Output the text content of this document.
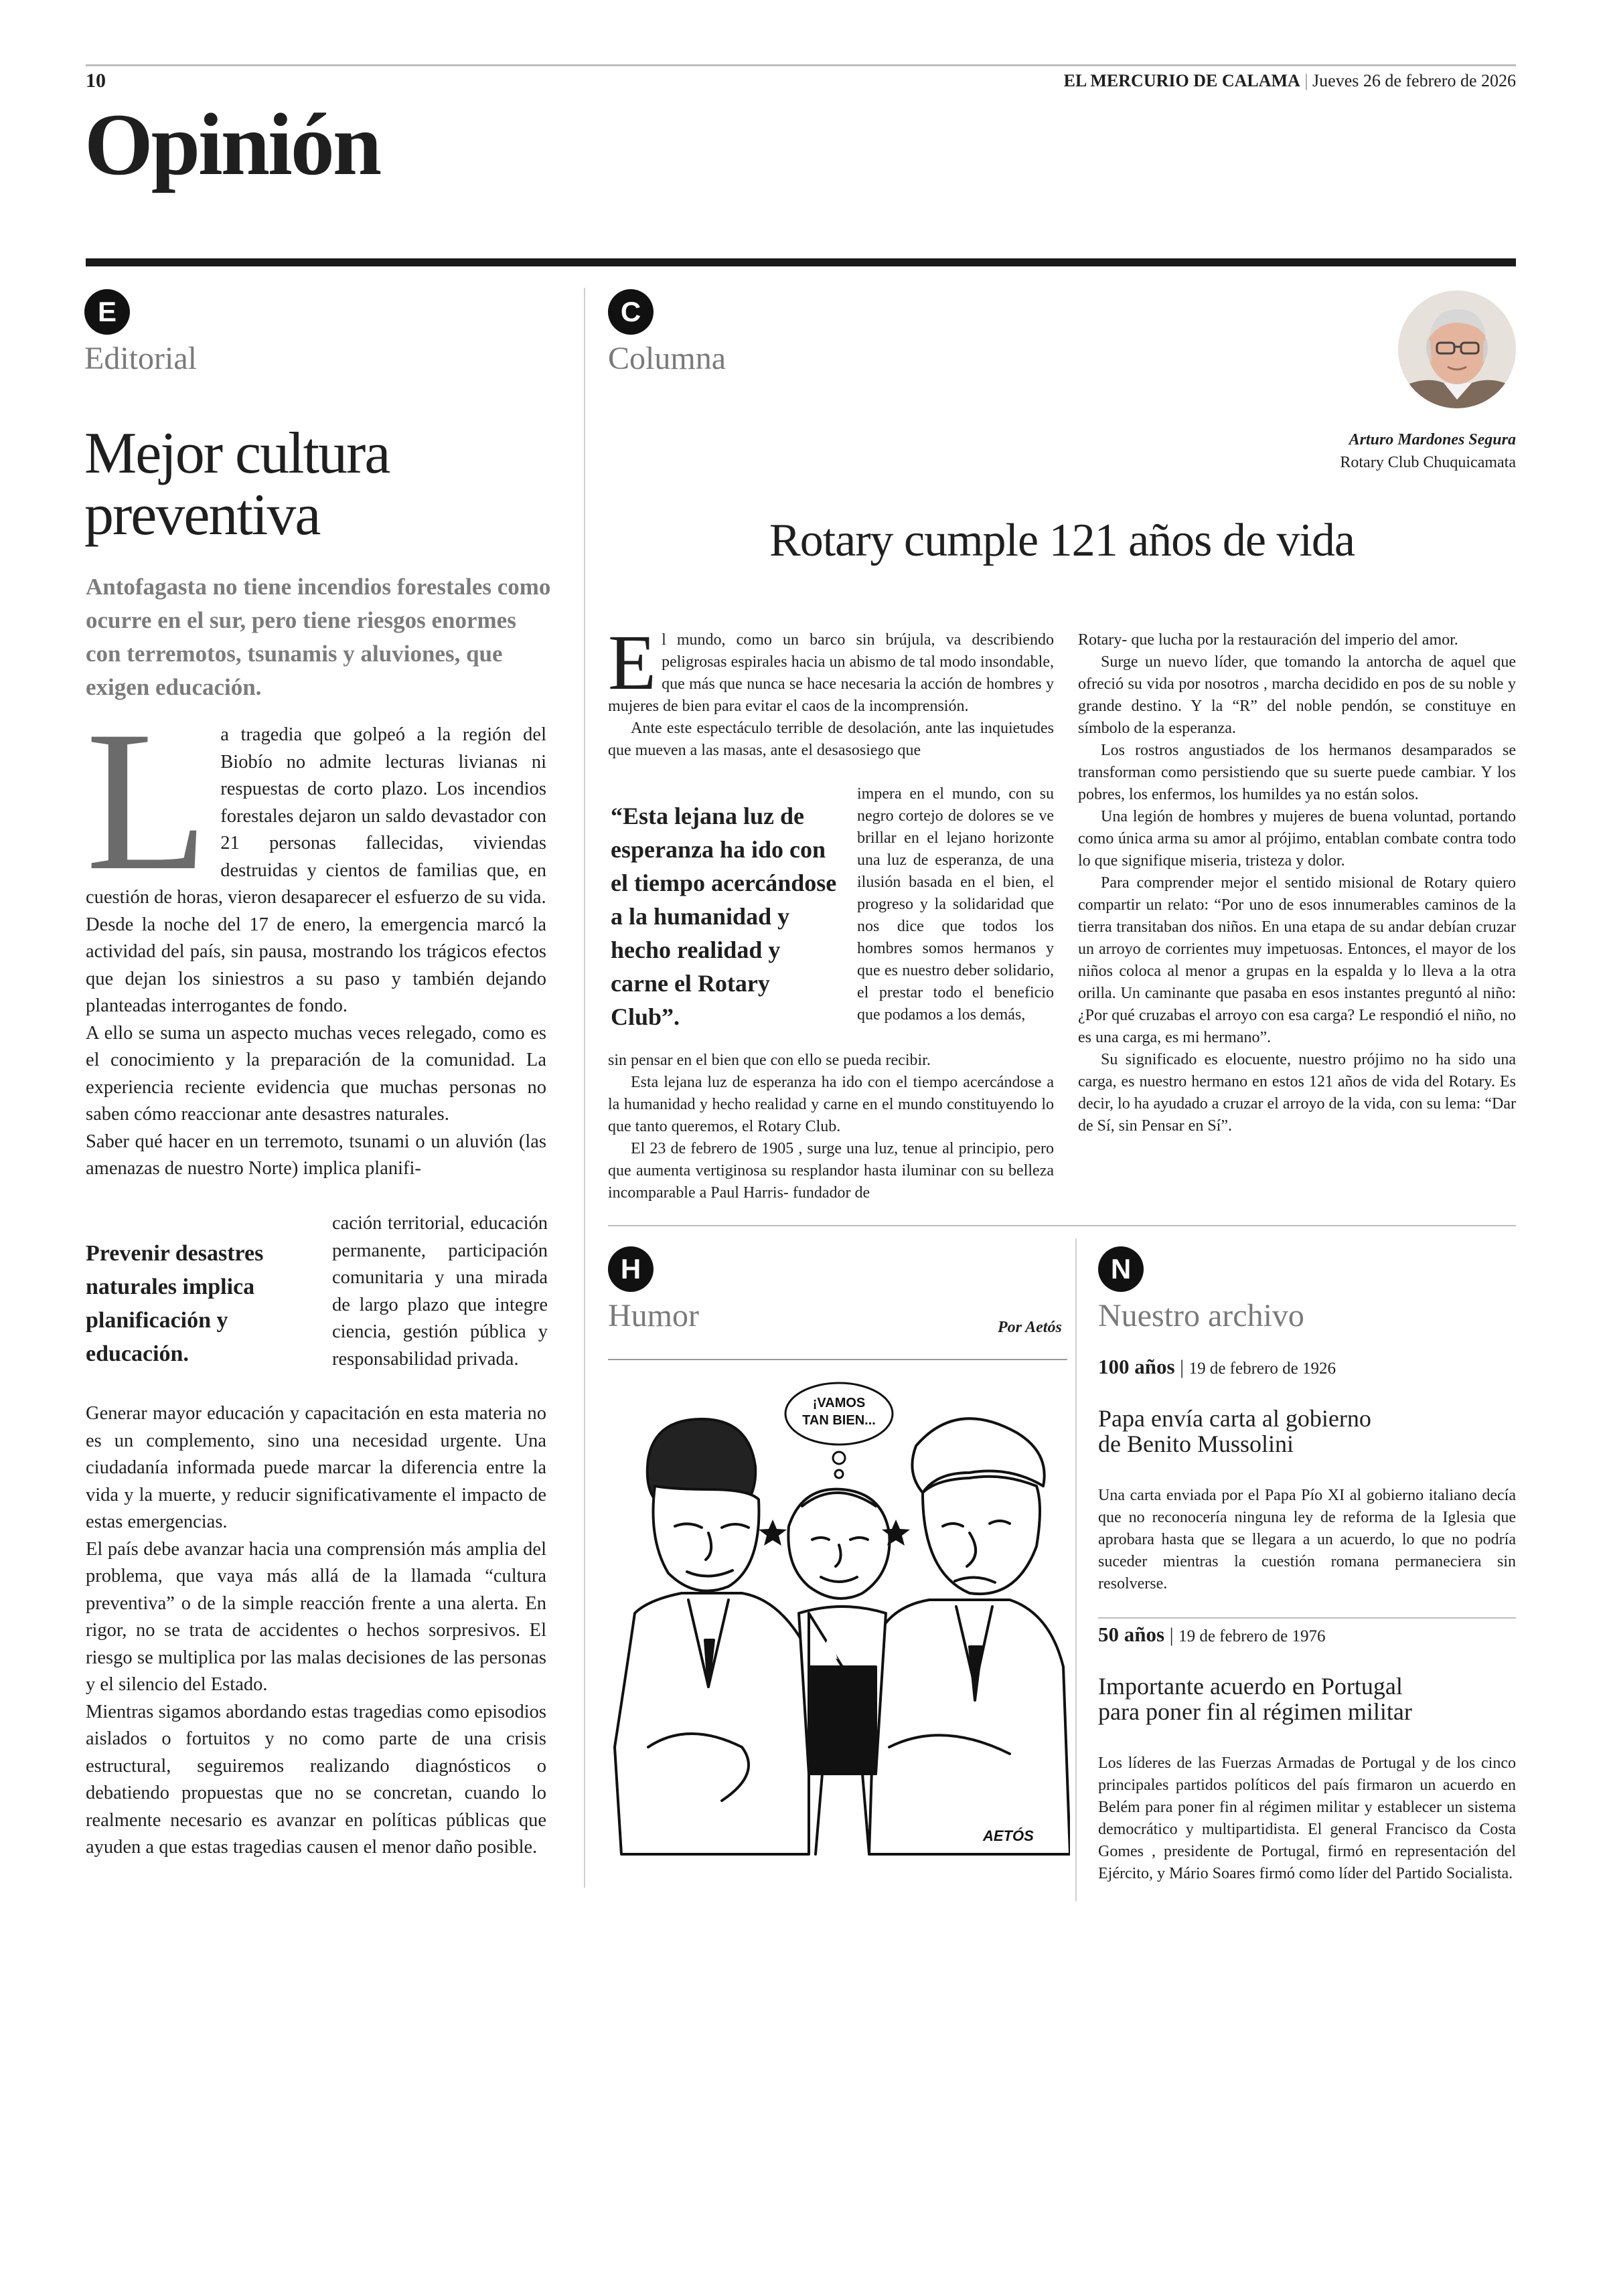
10	EL MERCURIO DE CALAMA | Jueves 26 de febrero de 2026
Opinión
E
Editorial
Mejor cultura
preventiva
Antofagasta no tiene incendios forestales como ocurre en el sur, pero tiene riesgos enormes con terremotos, tsunamis y aluviones, que exigen educación.
L a tragedia que golpeó a la región del Biobío no admite lecturas livianas ni respuestas de corto plazo. Los incendios forestales dejaron un saldo devastador con 21 personas fallecidas, viviendas destruidas y cientos de familias que, en cuestión de horas, vieron desaparecer el esfuerzo de su vida.

Desde la noche del 17 de enero, la emergencia marcó la actividad del país, sin pausa, mostrando los trágicos efectos que dejan los siniestros a su paso y también dejando planteadas interrogantes de fondo.

A ello se suma un aspecto muchas veces relegado, como es el conocimiento y la preparación de la comunidad. La experiencia reciente evidencia que muchas personas no saben cómo reaccionar ante desastres naturales.

Saber qué hacer en un terremoto, tsunami o un aluvión (las amenazas de nuestro Norte) implica planifi-

Prevenir desastres naturales implica planificación y educación.

cación territorial, educación permanente, participación comunitaria y una mirada de largo plazo que integre ciencia, gestión pública y responsabilidad privada.

Generar mayor educación y capacitación en esta materia no es un complemento, sino una necesidad urgente. Una ciudadanía informada puede marcar la diferencia entre la vida y la muerte, y reducir significativamente el impacto de estas emergencias.

El país debe avanzar hacia una comprensión más amplia del problema, que vaya más allá de la llamada “cultura preventiva” o de la simple reacción frente a una alerta. En rigor, no se trata de accidentes o hechos sorpresivos. El riesgo se multiplica por las malas decisiones de las personas y el silencio del Estado.

Mientras sigamos abordando estas tragedias como episodios aislados o fortuitos y no como parte de una crisis estructural, seguiremos realizando diagnósticos o debatiendo propuestas que no se concretan, cuando lo realmente necesario es avanzar en políticas públicas que ayuden a que estas tragedias causen el menor daño posible.

C
Columna
Arturo Mardones Segura
Rotary Club Chuquicamata
Rotary cumple 121 años de vida
E l mundo, como un barco sin brújula, va describiendo peligrosas espirales hacia un abismo de tal modo insondable, que más que nunca se hace necesaria la acción de hombres y mujeres de bien para evitar el caos de la incomprensión.

Ante este espectáculo terrible de desolación, ante las inquietudes que mueven a las masas, ante el desasosiego que

“Esta lejana luz de esperanza ha ido con el tiempo acercándose a la humanidad y hecho realidad y carne el Rotary Club”.

impera en el mundo, con su negro cortejo de dolores se ve brillar en el lejano horizonte una luz de esperanza, de una ilusión basada en el bien, el progreso y la solidaridad que nos dice que todos los hombres somos hermanos y que es nuestro deber solidario, el prestar todo el beneficio que podamos a los demás,

sin pensar en el bien que con ello se pueda recibir.

Esta lejana luz de esperanza ha ido con el tiempo acercándose a la humanidad y hecho realidad y carne en el mundo constituyendo lo que tanto queremos, el Rotary Club.

El 23 de febrero de 1905 , surge una luz, tenue al principio, pero que aumenta vertiginosa su resplandor hasta iluminar con su belleza incomparable a Paul Harris- fundador de

Rotary- que lucha por la restauración del imperio del amor.

Surge un nuevo líder, que tomando la antorcha de aquel que ofreció su vida por nosotros , marcha decidido en pos de su noble y grande destino. Y la “R” del noble pendón, se constituye en símbolo de la esperanza.

Los rostros angustiados de los hermanos desamparados se transforman como persistiendo que su suerte puede cambiar. Y los pobres, los enfermos, los humildes ya no están solos.

Una legión de hombres y mujeres de buena voluntad, portando como única arma su amor al prójimo, entablan combate contra todo lo que signifique miseria, tristeza y dolor.

Para comprender mejor el sentido misional de Rotary quiero compartir un relato: “Por uno de esos innumerables caminos de la tierra transitaban dos niños. En una etapa de su andar debían cruzar un arroyo de corrientes muy impetuosas. Entonces, el mayor de los niños coloca al menor a grupas en la espalda y lo lleva a la otra orilla. Un caminante que pasaba en esos instantes preguntó al niño: ¿Por qué cruzabas el arroyo con esa carga? Le respondió el niño, no es una carga, es mi hermano”.

Su significado es elocuente, nuestro prójimo no ha sido una carga, es nuestro hermano en estos 121 años de vida del Rotary. Es decir, lo ha ayudado a cruzar el arroyo de la vida, con su lema: “Dar de Sí, sin Pensar en Sí”.

H
Humor	Por Aetós
¡VAMOS TAN BIEN...
AETÓS
N
Nuestro archivo
100 años | 19 de febrero de 1926
Papa envía carta al gobierno
de Benito Mussolini
Una carta enviada por el Papa Pío XI al gobierno italiano decía que no reconocería ninguna ley de reforma de la Iglesia que aprobara hasta que se llegara a un acuerdo, lo que no podría suceder mientras la cuestión romana permaneciera sin resolverse.
50 años | 19 de febrero de 1976
Importante acuerdo en Portugal
para poner fin al régimen militar
Los líderes de las Fuerzas Armadas de Portugal y de los cinco principales partidos políticos del país firmaron un acuerdo en Belém para poner fin al régimen militar y establecer un sistema democrático y multipartidista. El general Francisco da Costa Gomes , presidente de Portugal, firmó en representación del Ejército, y Mário Soares firmó como líder del Partido Socialista.
